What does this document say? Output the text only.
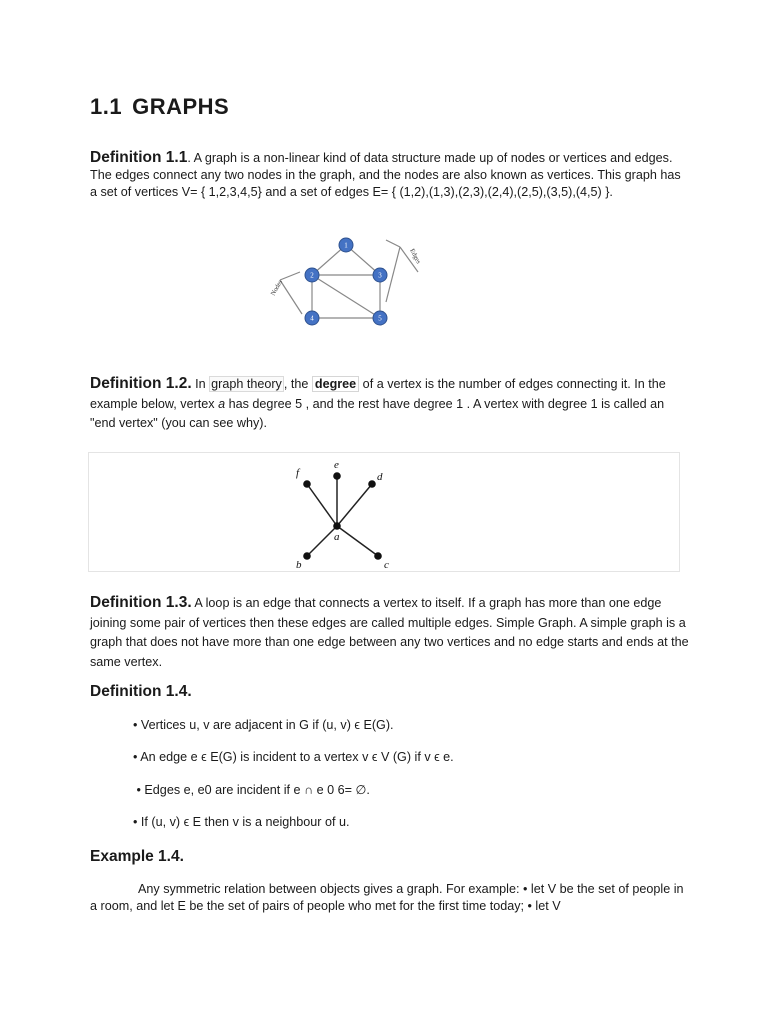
1.1 GRAPHS

Definition 1.1. A graph is a non-linear kind of data structure made up of nodes or vertices and edges. The edges connect any two nodes in the graph, and the nodes are also known as vertices. This graph has a set of vertices V= { 1,2,3,4,5} and a set of edges E= { (1,2),(1,3),(2,3),(2,4),(2,5),(3,5),(4,5) }.

1
2	3
4	5
Nodes
Edges

Definition 1.2. In graph theory , the degree of a vertex is the number of edges connecting it. In the example below, vertex a has degree 5 , and the rest have degree 1 . A vertex with degree 1 is called an "end vertex" (you can see why).

f
e
d
a
b	c

Definition 1.3. A loop is an edge that connects a vertex to itself. If a graph has more than one edge joining some pair of vertices then these edges are called multiple edges. Simple Graph. A simple graph is a graph that does not have more than one edge between any two vertices and no edge starts and ends at the same vertex.

Definition 1.4.

• Vertices u, v are adjacent in G if (u, v) ϵ E(G).

• An edge e ϵ E(G) is incident to a vertex v ϵ V (G) if v ϵ e.

• Edges e, e0 are incident if e ∩ e 0 6= ∅.

• If (u, v) ϵ E then v is a neighbour of u.

Example 1.4.

Any symmetric relation between objects gives a graph. For example: • let V be the set of people in a room, and let E be the set of pairs of people who met for the first time today; • let V
